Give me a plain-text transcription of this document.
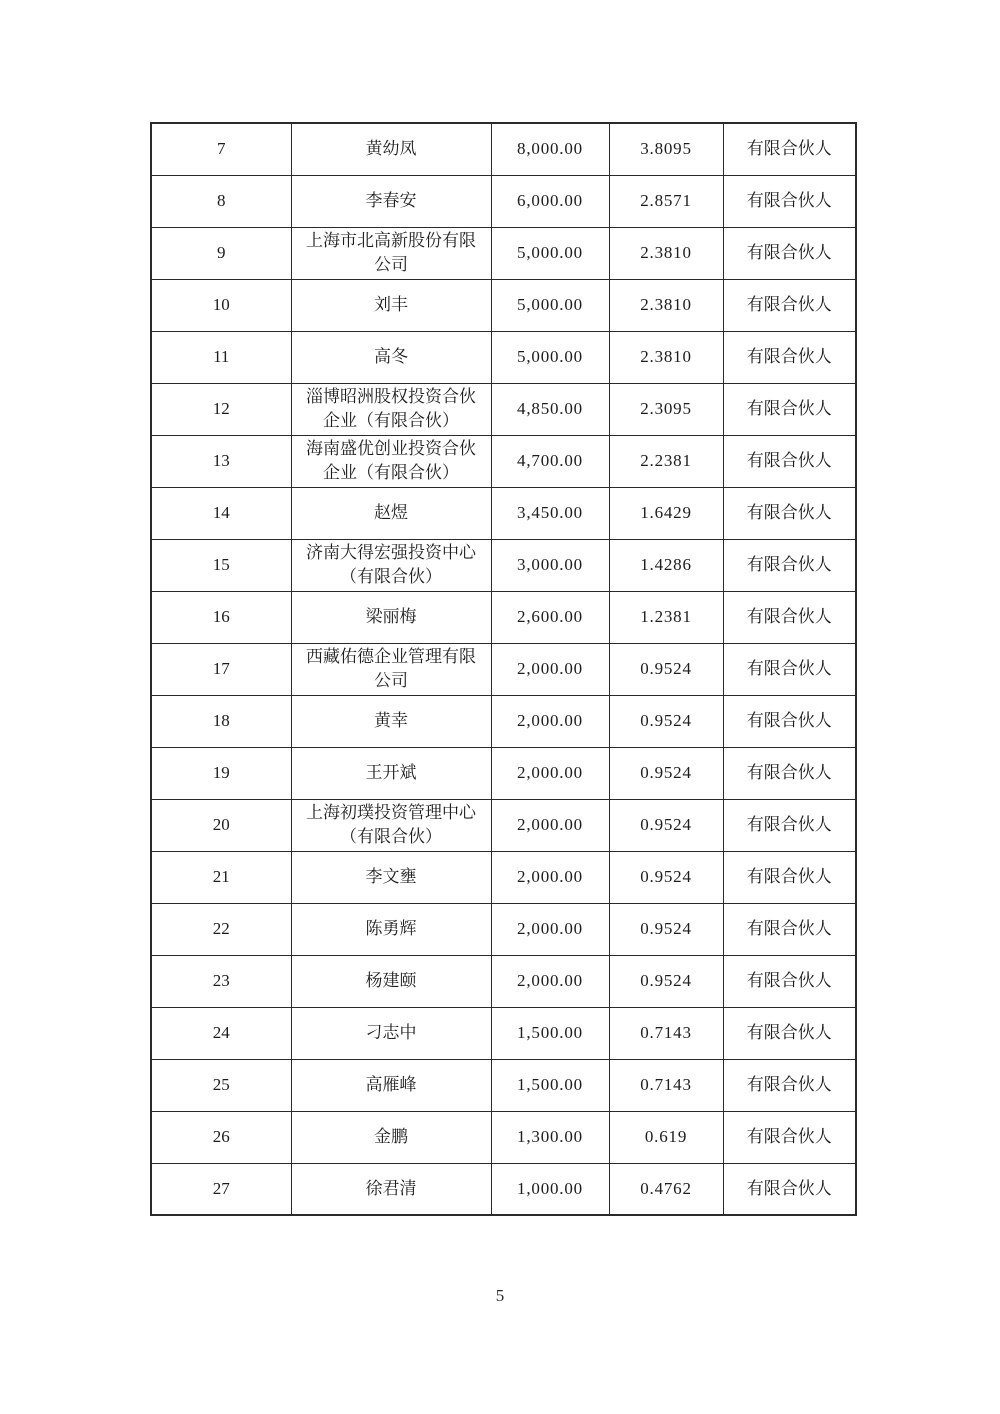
7	黄幼凤	8,000.00	3.8095	有限合伙人
8	李春安	6,000.00	2.8571	有限合伙人
9	上海市北高新股份有限公司	5,000.00	2.3810	有限合伙人
10	刘丰	5,000.00	2.3810	有限合伙人
11	高冬	5,000.00	2.3810	有限合伙人
12	淄博昭洲股权投资合伙企业（有限合伙）	4,850.00	2.3095	有限合伙人
13	海南盛优创业投资合伙企业（有限合伙）	4,700.00	2.2381	有限合伙人
14	赵煜	3,450.00	1.6429	有限合伙人
15	济南大得宏强投资中心（有限合伙）	3,000.00	1.4286	有限合伙人
16	梁丽梅	2,600.00	1.2381	有限合伙人
17	西藏佑德企业管理有限公司	2,000.00	0.9524	有限合伙人
18	黄幸	2,000.00	0.9524	有限合伙人
19	王开斌	2,000.00	0.9524	有限合伙人
20	上海初璞投资管理中心（有限合伙）	2,000.00	0.9524	有限合伙人
21	李文壅	2,000.00	0.9524	有限合伙人
22	陈勇辉	2,000.00	0.9524	有限合伙人
23	杨建颐	2,000.00	0.9524	有限合伙人
24	刁志中	1,500.00	0.7143	有限合伙人
25	高雁峰	1,500.00	0.7143	有限合伙人
26	金鹏	1,300.00	0.619	有限合伙人
27	徐君清	1,000.00	0.4762	有限合伙人
5
